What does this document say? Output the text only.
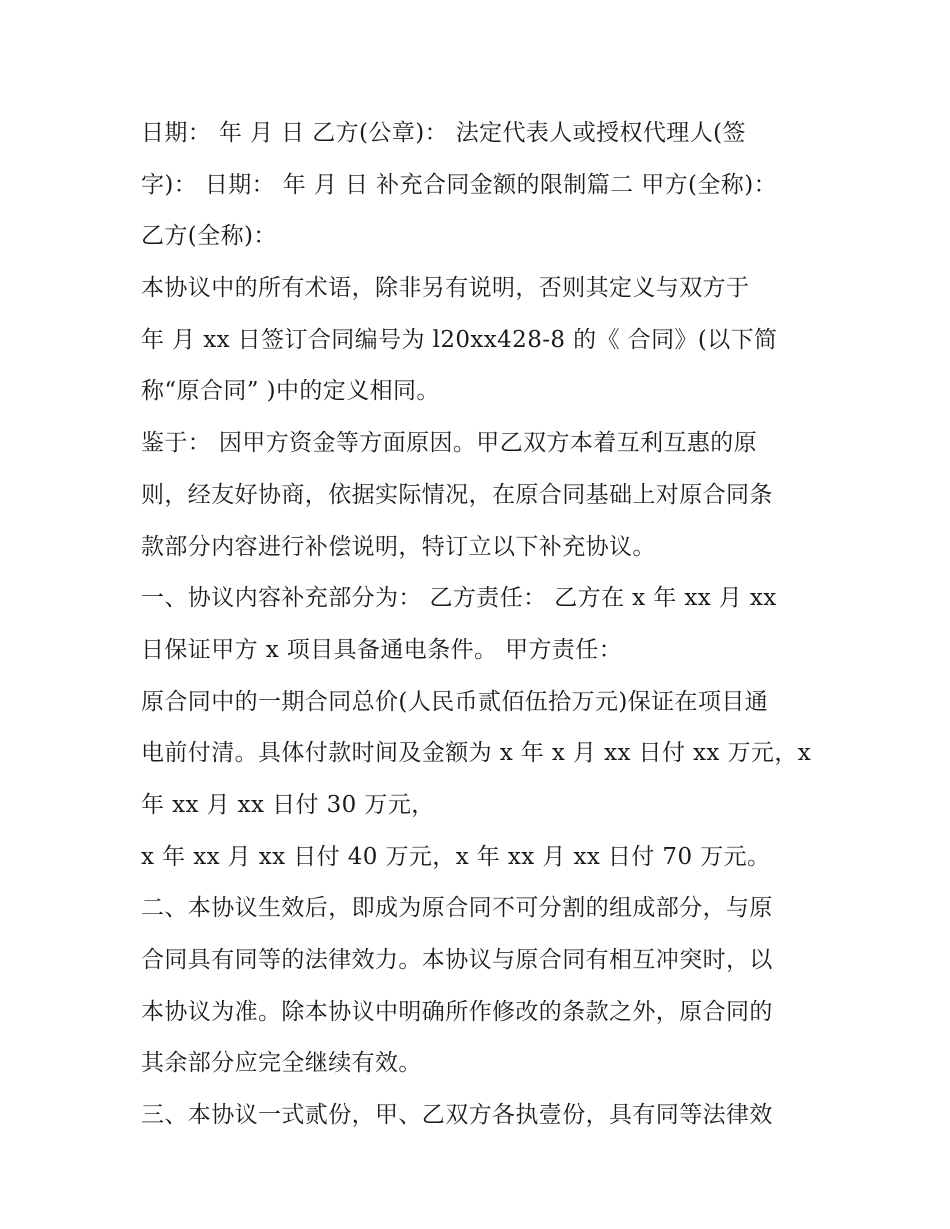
日期： 年 月 日 乙方(公章)： 法定代表人或授权代理人(签
字)： 日期： 年 月 日 补充合同金额的限制篇二 甲方(全称)：
乙方(全称)：
本协议中的所有术语，除非另有说明，否则其定义与双方于
年 月 xx 日签订合同编号为 l20xx428-8 的《 合同》(以下简
称“原合同” )中的定义相同。
鉴于： 因甲方资金等方面原因。甲乙双方本着互利互惠的原
则，经友好协商，依据实际情况，在原合同基础上对原合同条
款部分内容进行补偿说明，特订立以下补充协议。
一、协议内容补充部分为： 乙方责任： 乙方在 x 年 xx 月 xx
日保证甲方 x 项目具备通电条件。 甲方责任：
原合同中的一期合同总价(人民币贰佰伍拾万元)保证在项目通
电前付清。具体付款时间及金额为 x 年 x 月 xx 日付 xx 万元，x
年 xx 月 xx 日付 30 万元，
x 年 xx 月 xx 日付 40 万元，x 年 xx 月 xx 日付 70 万元。
二、本协议生效后，即成为原合同不可分割的组成部分，与原
合同具有同等的法律效力。本协议与原合同有相互冲突时，以
本协议为准。除本协议中明确所作修改的条款之外，原合同的
其余部分应完全继续有效。
三、本协议一式贰份，甲、乙双方各执壹份，具有同等法律效
